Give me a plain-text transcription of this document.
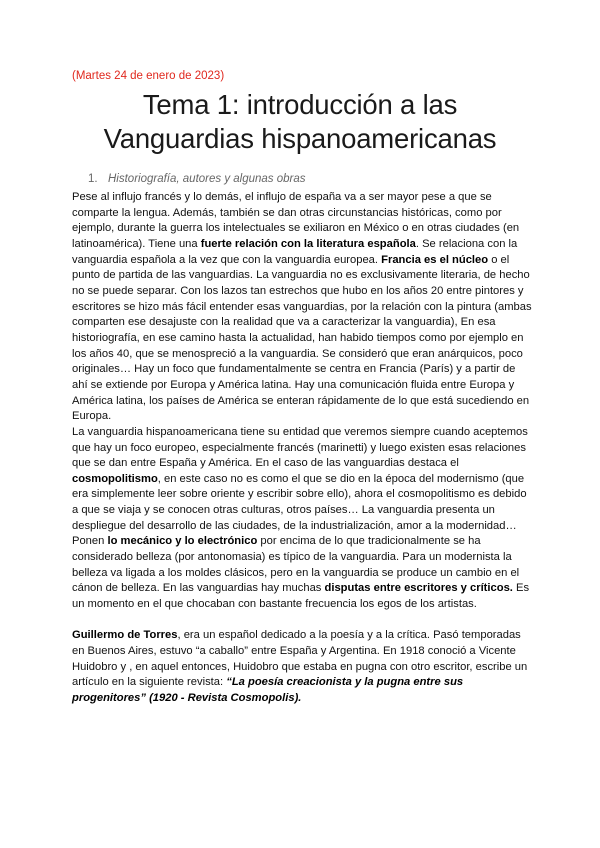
(Martes 24 de enero de 2023)

Tema 1: introducción a las
Vanguardias hispanoamericanas

1. Historiografía, autores y algunas obras

Pese al influjo francés y lo demás, el influjo de españa va a ser mayor pese a que se comparte la lengua. Además, también se dan otras circunstancias históricas, como por ejemplo, durante la guerra los intelectuales se exiliaron en México o en otras ciudades (en latinoamérica). Tiene una fuerte relación con la literatura española. Se relaciona con la vanguardia española a la vez que con la vanguardia europea. Francia es el núcleo o el punto de partida de las vanguardias. La vanguardia no es exclusivamente literaria, de hecho no se puede separar. Con los lazos tan estrechos que hubo en los años 20 entre pintores y escritores se hizo más fácil entender esas vanguardias, por la relación con la pintura (ambas comparten ese desajuste con la realidad que va a caracterizar la vanguardia), En esa historiografía, en ese camino hasta la actualidad, han habido tiempos como por ejemplo en los años 40, que se menospreció a la vanguardia. Se consideró que eran anárquicos, poco originales… Hay un foco que fundamentalmente se centra en Francia (París) y a partir de ahí se extiende por Europa y América latina. Hay una comunicación fluida entre Europa y América latina, los países de América se enteran rápidamente de lo que está sucediendo en Europa.

La vanguardia hispanoamericana tiene su entidad que veremos siempre cuando aceptemos que hay un foco europeo, especialmente francés (marinetti) y luego existen esas relaciones que se dan entre España y América. En el caso de las vanguardias destaca el cosmopolitismo, en este caso no es como el que se dio en la época del modernismo (que era simplemente leer sobre oriente y escribir sobre ello), ahora el cosmopolitismo es debido a que se viaja y se conocen otras culturas, otros países… La vanguardia presenta un despliegue del desarrollo de las ciudades, de la industrialización, amor a la modernidad… Ponen lo mecánico y lo electrónico por encima de lo que tradicionalmente se ha considerado belleza (por antonomasia) es típico de la vanguardia. Para un modernista la belleza va ligada a los moldes clásicos, pero en la vanguardia se produce un cambio en el cánon de belleza. En las vanguardias hay muchas disputas entre escritores y críticos. Es un momento en el que chocaban con bastante frecuencia los egos de los artistas.

Guillermo de Torres, era un español dedicado a la poesía y a la crítica. Pasó temporadas en Buenos Aires, estuvo “a caballo” entre España y Argentina. En 1918 conoció a Vicente Huidobro y , en aquel entonces, Huidobro que estaba en pugna con otro escritor, escribe un artículo en la siguiente revista: “La poesía creacionista y la pugna entre sus progenitores” (1920 - Revista Cosmopolis).
